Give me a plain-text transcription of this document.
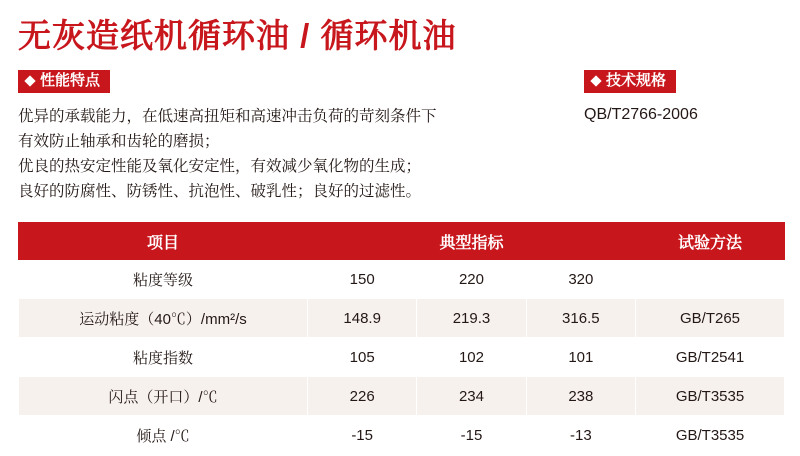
无灰造纸机循环油 / 循环机油
性能特点	技术规格

优异的承载能力，在低速高扭矩和高速冲击负荷的苛刻条件下

有效防止轴承和齿轮的磨损；

优良的热安定性能及氧化安定性，有效减少氧化物的生成；

良好的防腐性、防锈性、抗泡性、破乳性；良好的过滤性。

QB/T2766-2006
项目	典型指标			试验方法
粘度等级	150	220	320	
运动粘度（40℃）/mm²/s	148.9	219.3	316.5	GB/T265
粘度指数	105	102	101	GB/T2541
闪点（开口）/℃	226	234	238	GB/T3535
倾点 /℃	-15	-15	-13	GB/T3535
